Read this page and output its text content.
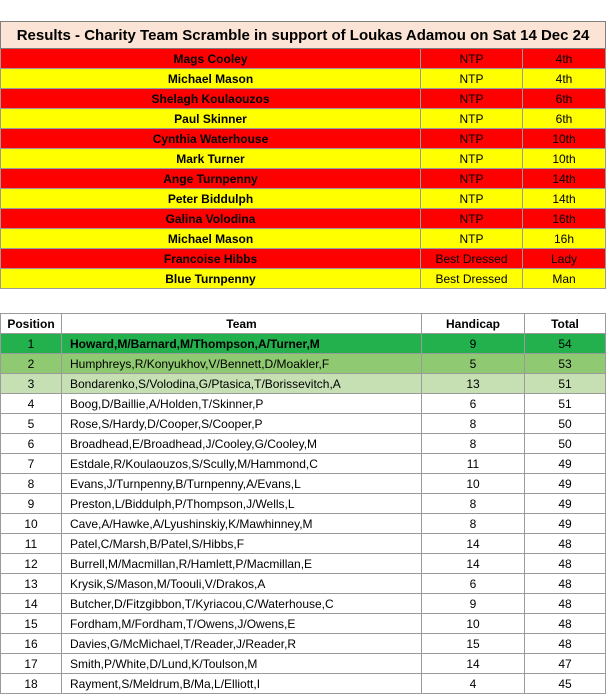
Results - Charity Team Scramble in support of Loukas Adamou on Sat 14 Dec 24		
Mags Cooley	NTP	4th
Michael Mason	NTP	4th
Shelagh Koulaouzos	NTP	6th
Paul Skinner	NTP	6th
Cynthia Waterhouse	NTP	10th
Mark Turner	NTP	10th
Ange Turnpenny	NTP	14th
Peter Biddulph	NTP	14th
Galina Volodina	NTP	16th
Michael Mason	NTP	16h
Francoise Hibbs	Best Dressed	Lady
Blue Turnpenny	Best Dressed	Man
Position	Team	Handicap	Total
1	Howard,M/Barnard,M/Thompson,A/Turner,M	9	54
2	Humphreys,R/Konyukhov,V/Bennett,D/Moakler,F	5	53
3	Bondarenko,S/Volodina,G/Ptasica,T/Borissevitch,A	13	51
4	Boog,D/Baillie,A/Holden,T/Skinner,P	6	51
5	Rose,S/Hardy,D/Cooper,S/Cooper,P	8	50
6	Broadhead,E/Broadhead,J/Cooley,G/Cooley,M	8	50
7	Estdale,R/Koulaouzos,S/Scully,M/Hammond,C	11	49
8	Evans,J/Turnpenny,B/Turnpenny,A/Evans,L	10	49
9	Preston,L/Biddulph,P/Thompson,J/Wells,L	8	49
10	Cave,A/Hawke,A/Lyushinskiy,K/Mawhinney,M	8	49
11	Patel,C/Marsh,B/Patel,S/Hibbs,F	14	48
12	Burrell,M/Macmillan,R/Hamlett,P/Macmillan,E	14	48
13	Krysik,S/Mason,M/Toouli,V/Drakos,A	6	48
14	Butcher,D/Fitzgibbon,T/Kyriacou,C/Waterhouse,C	9	48
15	Fordham,M/Fordham,T/Owens,J/Owens,E	10	48
16	Davies,G/McMichael,T/Reader,J/Reader,R	15	48
17	Smith,P/White,D/Lund,K/Toulson,M	14	47
18	Rayment,S/Meldrum,B/Ma,L/Elliott,I	4	45
